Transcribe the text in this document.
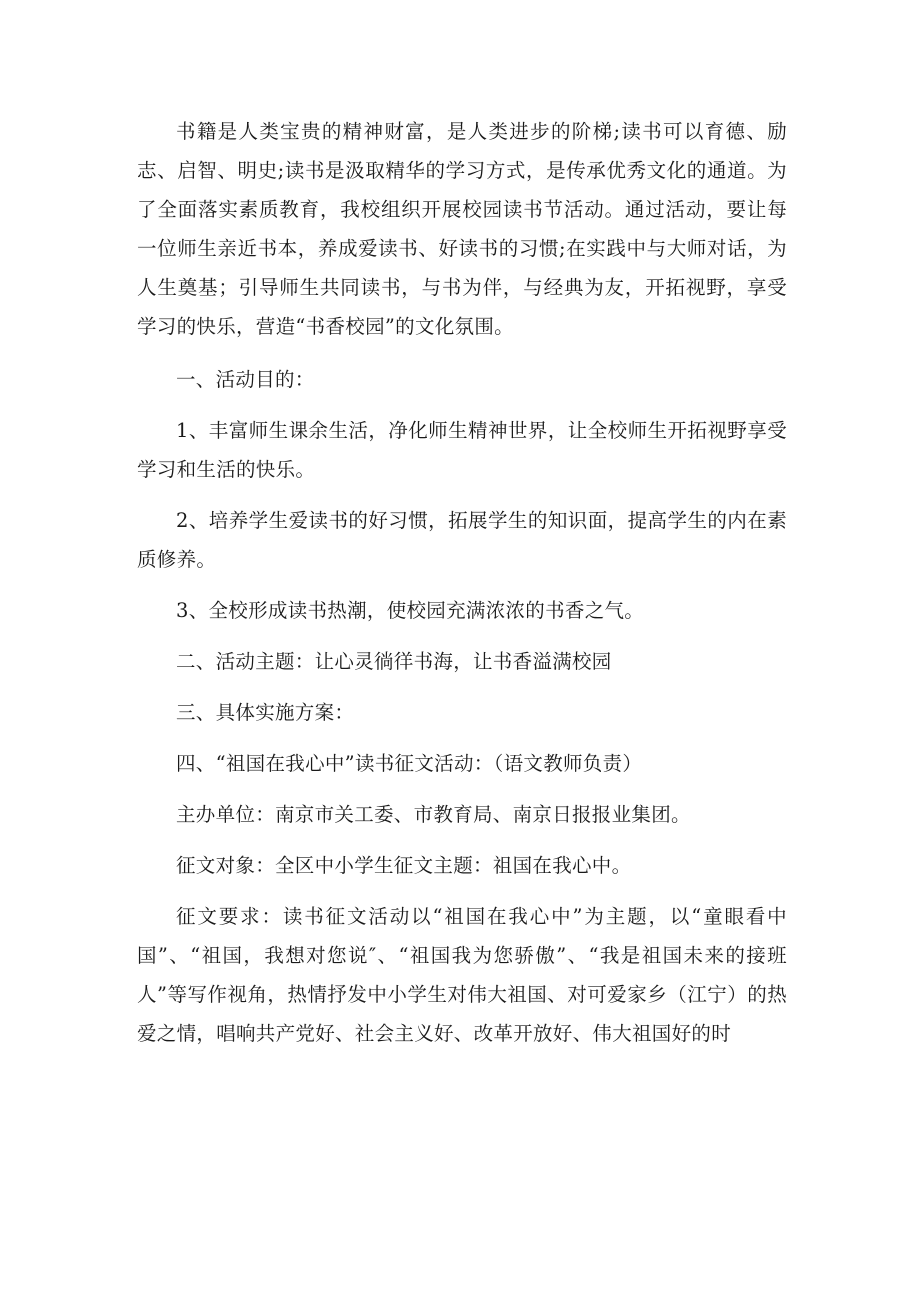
书籍是人类宝贵的精神财富，是人类进步的阶梯;读书可以育德、励志、启智、明史;读书是汲取精华的学习方式，是传承优秀文化的通道。为了全面落实素质教育，我校组织开展校园读书节活动。通过活动，要让每一位师生亲近书本，养成爱读书、好读书的习惯;在实践中与大师对话，为人生奠基；引导师生共同读书，与书为伴，与经典为友，开拓视野，享受学习的快乐，营造“书香校园”的文化氛围。

一、活动目的：

1、丰富师生课余生活，净化师生精神世界，让全校师生开拓视野享受学习和生活的快乐。

2、培养学生爱读书的好习惯，拓展学生的知识面，提高学生的内在素质修养。

3、全校形成读书热潮，使校园充满浓浓的书香之气。

二、活动主题：让心灵徜徉书海，让书香溢满校园

三、具体实施方案：

四、“祖国在我心中”读书征文活动：（语文教师负责）

主办单位：南京市关工委、市教育局、南京日报报业集团。

征文对象：全区中小学生征文主题：祖国在我心中。

征文要求：读书征文活动以“祖国在我心中”为主题，以“童眼看中国”、“祖国，我想对您说″、“祖国我为您骄傲”、“我是祖国未来的接班人”等写作视角，热情抒发中小学生对伟大祖国、对可爱家乡（江宁）的热爱之情，唱响共产党好、社会主义好、改革开放好、伟大祖国好的时
